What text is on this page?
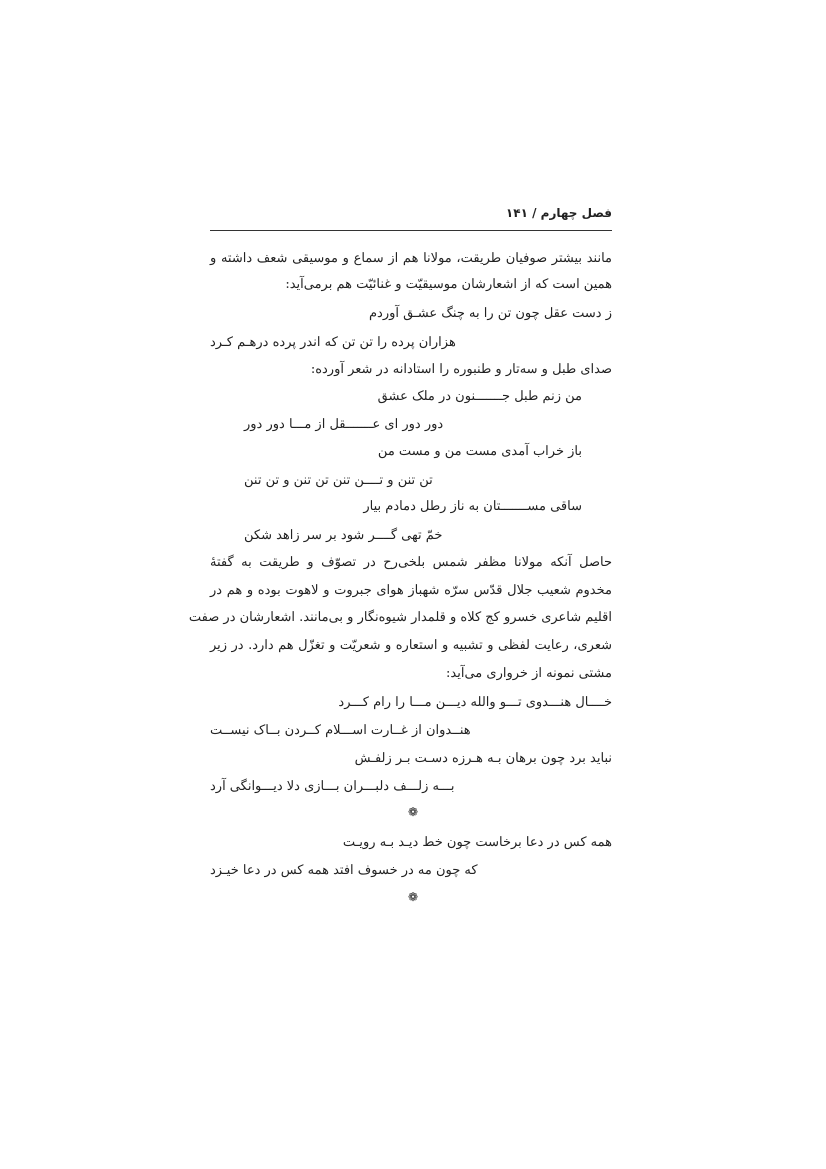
فصل چهارم / ۱۴۱
مانند بیشتر صوفیان طریقت، مولانا هم از سماع و موسیقی شعف داشته و
همین است که از اشعارشان موسیقیّت و غنائیّت هم برمی‌آید:
ز دست عقل چون تن را به چنگ عشـق آوردم
هزاران پرده را تن تن که اندر پرده درهـم کـرد
صدای طبل و سه‌تار و طنبوره را استادانه در شعر آورده:
من زنم طبل جـــــــنون در ملک عشق
دور دور ای عـــــــقل از مـــا دور دور
باز خراب آمدی مست من و مست من
تن تنن و تــــن تنن تن تنن و تن تنن
ساقی مســـــــتان به ناز رطل دمادم بیار
خمّ تهی گــــر شود بر سر زاهد شکن
حاصل آنکه مولانا مظفر شمس بلخی‌رح در تصوّف و طریقت به گفتهٔ
مخدوم شعیب جلال قدّس سرّه شهباز هوای جبروت و لاهوت بوده و هم در
اقلیم شاعری خسرو کج کلاه و قلمدار شیوه‌نگار و بی‌مانند. اشعارشان در صفت
شعری، رعایت لفظی و تشبیه و استعاره و شعریّت و تغزّل هم دارد. در زیر
مشتی نمونه از خرواری می‌آید:
خــــال هنـــدوی تـــو والله دیـــن مـــا را رام کـــرد
هنــدوان از غــارت اســـلام کــردن بــاک نیســت
نباید برد چون برهان بـه هـرزه دسـت بـر زلفـش
بـــه زلـــف دلبـــران بـــازی دلا دیـــوانگی آرد
❁
همه کس در دعا برخاست چون خط دیـد بـه رویـت
که چون مه در خسوف افتد همه کس در دعا خیـزد
❁
